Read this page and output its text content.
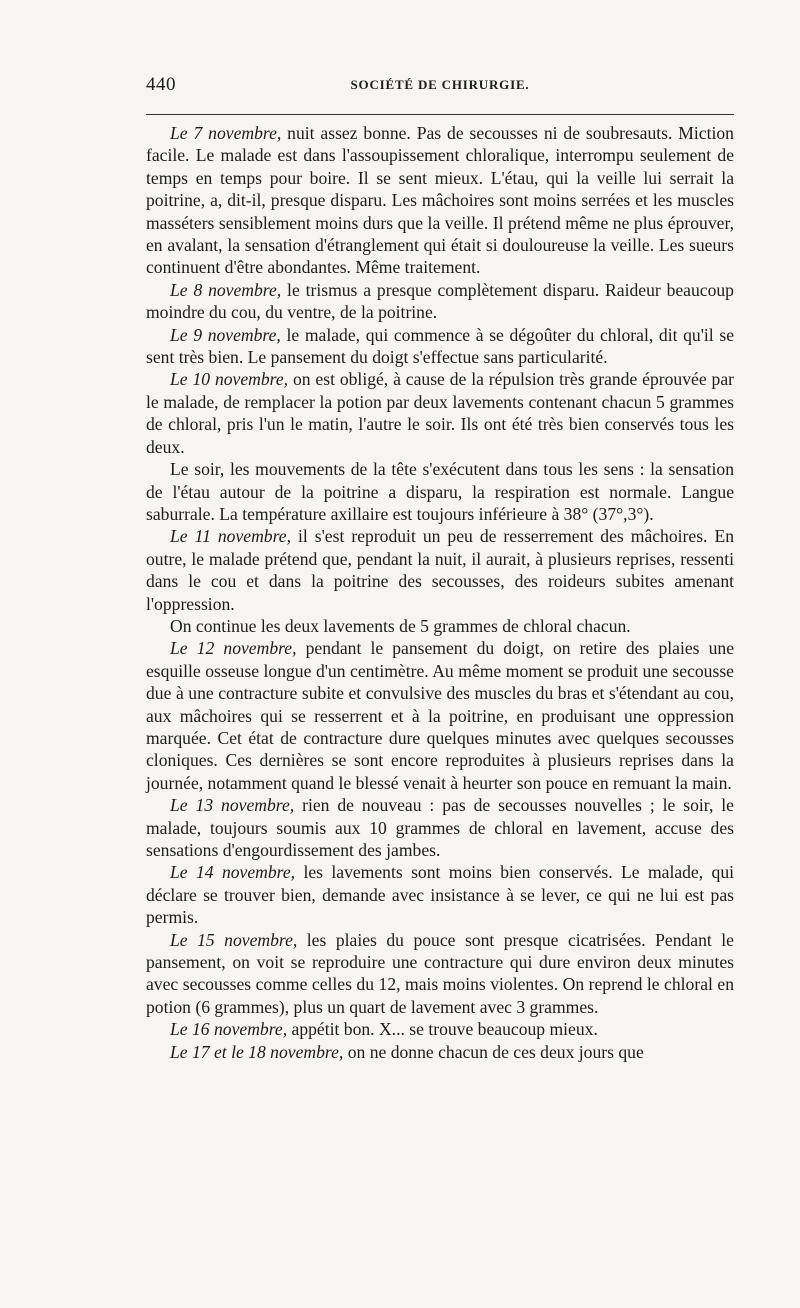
440	SOCIÉTÉ DE CHIRURGIE.

Le 7 novembre, nuit assez bonne. Pas de secousses ni de soubresauts. Miction facile. Le malade est dans l'assoupissement chloralique, interrompu seulement de temps en temps pour boire. Il se sent mieux. L'étau, qui la veille lui serrait la poitrine, a, dit-il, presque disparu. Les mâchoires sont moins serrées et les muscles masséters sensiblement moins durs que la veille. Il prétend même ne plus éprouver, en avalant, la sensation d'étranglement qui était si douloureuse la veille. Les sueurs continuent d'être abondantes. Même traitement.

Le 8 novembre, le trismus a presque complètement disparu. Raideur beaucoup moindre du cou, du ventre, de la poitrine.

Le 9 novembre, le malade, qui commence à se dégoûter du chloral, dit qu'il se sent très bien. Le pansement du doigt s'effectue sans particularité.

Le 10 novembre, on est obligé, à cause de la répulsion très grande éprouvée par le malade, de remplacer la potion par deux lavements contenant chacun 5 grammes de chloral, pris l'un le matin, l'autre le soir. Ils ont été très bien conservés tous les deux.

Le soir, les mouvements de la tête s'exécutent dans tous les sens : la sensation de l'étau autour de la poitrine a disparu, la respiration est normale. Langue saburrale. La température axillaire est toujours inférieure à 38° (37°,3°).

Le 11 novembre, il s'est reproduit un peu de resserrement des mâchoires. En outre, le malade prétend que, pendant la nuit, il aurait, à plusieurs reprises, ressenti dans le cou et dans la poitrine des secousses, des roideurs subites amenant l'oppression.

On continue les deux lavements de 5 grammes de chloral chacun.

Le 12 novembre, pendant le pansement du doigt, on retire des plaies une esquille osseuse longue d'un centimètre. Au même moment se produit une secousse due à une contracture subite et convulsive des muscles du bras et s'étendant au cou, aux mâchoires qui se resserrent et à la poitrine, en produisant une oppression marquée. Cet état de contracture dure quelques minutes avec quelques secousses cloniques. Ces dernières se sont encore reproduites à plusieurs reprises dans la journée, notamment quand le blessé venait à heurter son pouce en remuant la main.

Le 13 novembre, rien de nouveau : pas de secousses nouvelles ; le soir, le malade, toujours soumis aux 10 grammes de chloral en lavement, accuse des sensations d'engourdissement des jambes.

Le 14 novembre, les lavements sont moins bien conservés. Le malade, qui déclare se trouver bien, demande avec insistance à se lever, ce qui ne lui est pas permis.

Le 15 novembre, les plaies du pouce sont presque cicatrisées. Pendant le pansement, on voit se reproduire une contracture qui dure environ deux minutes avec secousses comme celles du 12, mais moins violentes. On reprend le chloral en potion (6 grammes), plus un quart de lavement avec 3 grammes.

Le 16 novembre, appétit bon. X... se trouve beaucoup mieux.

Le 17 et le 18 novembre, on ne donne chacun de ces deux jours que
